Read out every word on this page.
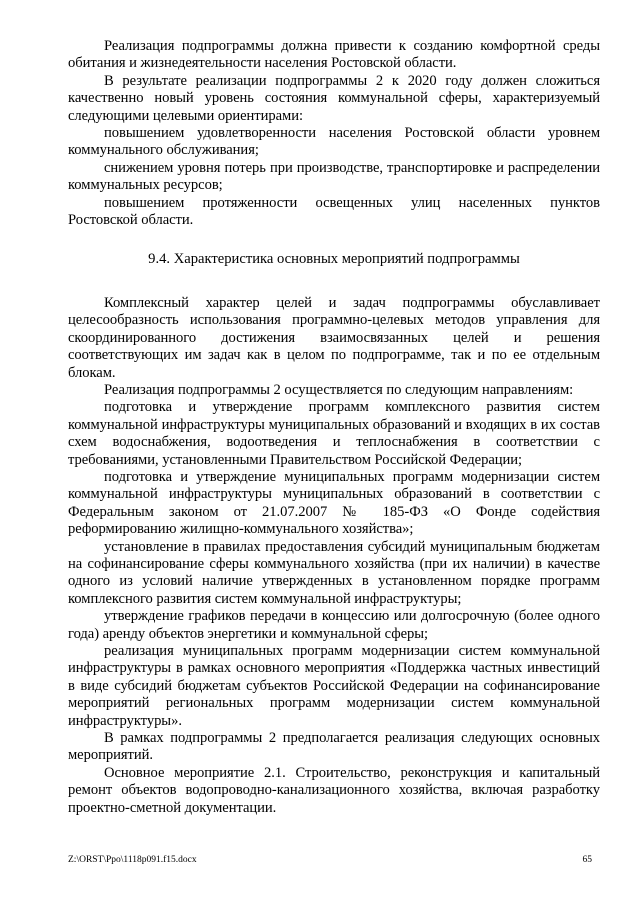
Реализация подпрограммы должна привести к созданию комфортной среды обитания и жизнедеятельности населения Ростовской области.

В результате реализации подпрограммы 2 к 2020 году должен сложиться качественно новый уровень состояния коммунальной сферы, характеризуемый следующими целевыми ориентирами:

повышением удовлетворенности населения Ростовской области уровнем коммунального обслуживания;

снижением уровня потерь при производстве, транспортировке и распределении коммунальных ресурсов;

повышением протяженности освещенных улиц населенных пунктов Ростовской области.

9.4. Характеристика основных мероприятий подпрограммы

Комплексный характер целей и задач подпрограммы обуславливает целесообразность использования программно-целевых методов управления для скоординированного достижения взаимосвязанных целей и решения соответствующих им задач как в целом по подпрограмме, так и по ее отдельным блокам.

Реализация подпрограммы 2 осуществляется по следующим направлениям:

подготовка и утверждение программ комплексного развития систем коммунальной инфраструктуры муниципальных образований и входящих в их состав схем водоснабжения, водоотведения и теплоснабжения в соответствии с требованиями, установленными Правительством Российской Федерации;

подготовка и утверждение муниципальных программ модернизации систем коммунальной инфраструктуры муниципальных образований в соответствии с Федеральным законом от 21.07.2007 № 185-ФЗ «О Фонде содействия реформированию жилищно-коммунального хозяйства»;

установление в правилах предоставления субсидий муниципальным бюджетам на софинансирование сферы коммунального хозяйства (при их наличии) в качестве одного из условий наличие утвержденных в установленном порядке программ комплексного развития систем коммунальной инфраструктуры;

утверждение графиков передачи в концессию или долгосрочную (более одного года) аренду объектов энергетики и коммунальной сферы;

реализация муниципальных программ модернизации систем коммунальной инфраструктуры в рамках основного мероприятия «Поддержка частных инвестиций в виде субсидий бюджетам субъектов Российской Федерации на софинансирование мероприятий региональных программ модернизации систем коммунальной инфраструктуры».

В рамках подпрограммы 2 предполагается реализация следующих основных мероприятий.

Основное мероприятие 2.1. Строительство, реконструкция и капитальный ремонт объектов водопроводно-канализационного хозяйства, включая разработку проектно-сметной документации.

Z:\ORST\Ppo\1118p091.f15.docx	65
